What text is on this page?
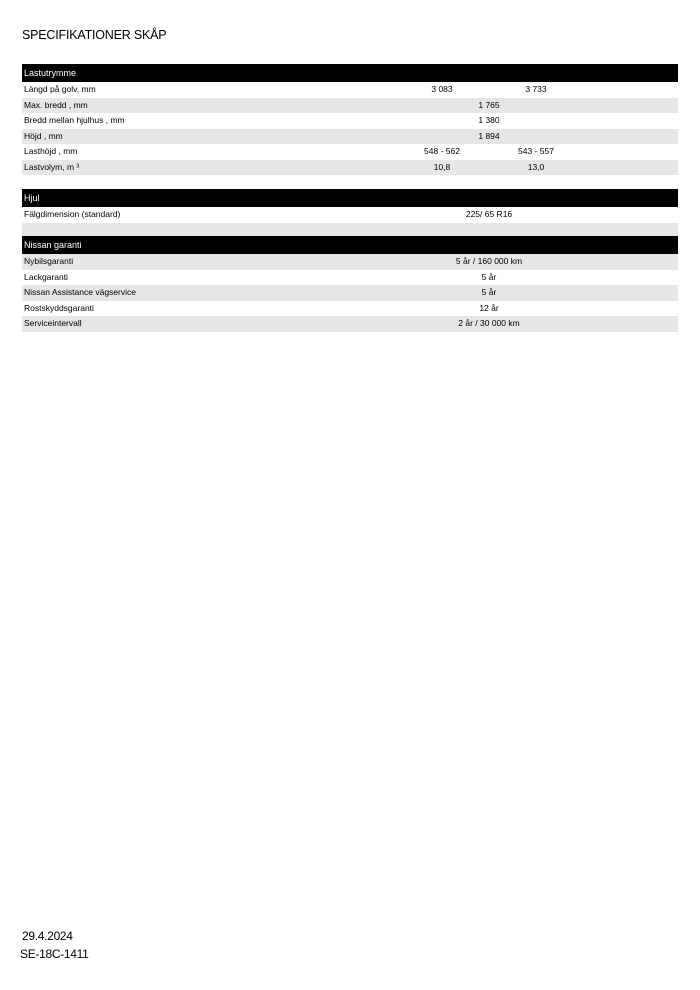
SPECIFIKATIONER SKÅP
Lastutrymme
Längd på golv, mm	3 083	3 733
Max. bredd , mm	1 765
Bredd mellan hjulhus , mm	1 380
Höjd , mm	1 894
Lasthöjd , mm	548 - 562	543 - 557
Lastvolym, m ³	10,8	13,0
Hjul
Fälgdimension (standard)	225/ 65 R16
Nissan garanti
Nybilsgaranti	5 år / 160 000 km
Lackgaranti	5 år
Nissan Assistance vägservice	5 år
Rostskyddsgaranti	12 år
Serviceintervall	2 år / 30 000 km
29.4.2024
SE-18C-1411
